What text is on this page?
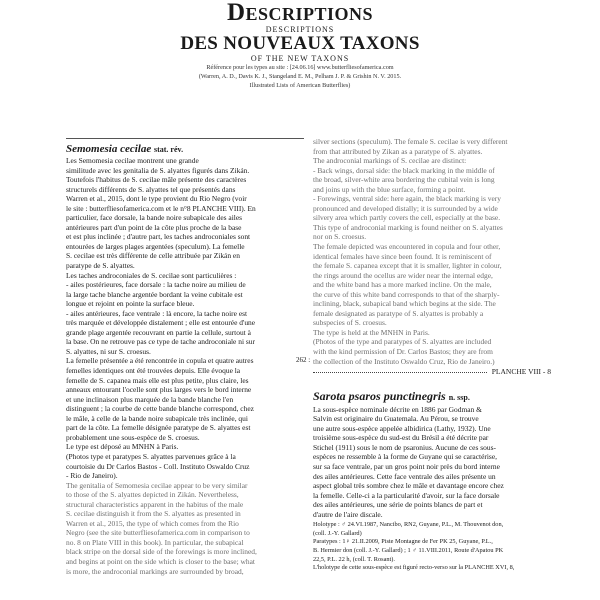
Descriptions
DESCRIPTIONS
DES NOUVEAUX TAXONS
OF THE NEW TAXONS
Référence pour les types au site : [24.06.16] www.butterfliesofamerica.com
(Warren, A. D., Davis K. J., Stangeland E. M., Pelham J. P. & Grishin N. V. 2015.
Illustrated Lists of American Butterflies)
Semomesia cecilae stat. rév.
Les Semomesia cecilae montrent une grande
similitude avec les genitalia de S. alyattes figurés dans Zikán.
Toutefois l'habitus de S. cecilae mâle présente des caractères
structurels différents de S. alyattes tel que présentés dans
Warren et al., 2015, dont le type provient du Rio Negro (voir
le site : butterfliesofamerica.com et le n°8 PLANCHE VIII). En
particulier, face dorsale, la bande noire subapicale des ailes
antérieures part d'un point de la côte plus proche de la base
et est plus inclinée ; d'autre part, les taches androconiales sont
entourées de larges plages argentées (speculum). La femelle
S. cecilae est très différente de celle attribuée par Zikán en
paratype de S. alyattes.
Les taches androconiales de S. cecilae sont particulières :
- ailes postérieures, face dorsale : la tache noire au milieu de
la large tache blanche argentée bordant la veine cubitale est
longue et rejoint en pointe la surface bleue.
- ailes antérieures, face ventrale : là encore, la tache noire est
très marquée et développée distalement ; elle est entourée d'une
grande plage argentée recouvrant en partie la cellule, surtout à
la base. On ne retrouve pas ce type de tache androconiale ni sur
S. alyattes, ni sur S. croesus.
La femelle présentée a été rencontrée in copula et quatre autres
femelles identiques ont été trouvées depuis. Elle évoque la
femelle de S. capanea mais elle est plus petite, plus claire, les
anneaux entourant l'ocelle sont plus larges vers le bord interne
et une inclinaison plus marquée de la bande blanche l'en
distinguent ; la courbe de cette bande blanche correspond, chez
le mâle, à celle de la bande noire subapicale très inclinée, qui
part de la côte. La femelle désignée paratype de S. alyattes est
probablement une sous-espèce de S. croesus.
Le type est déposé au MNHN à Paris.
(Photos type et paratypes S. alyattes parvenues grâce à la
courtoisie du Dr Carlos Bastos - Coll. Instituto Oswaldo Cruz
- Rio de Janeiro).
The genitalia of Semomesia cecilae appear to be very similar
to those of the S. alyattes depicted in Zikán. Nevertheless,
structural characteristics apparent in the habitus of the male
S. cecilae distinguish it from the S. alyattes as presented in
Warren et al., 2015, the type of which comes from the Rio
Negro (see the site butterfliesofamerica.com in comparison to
no. 8 on Plate VIII in this book). In particular, the subapical
black stripe on the dorsal side of the forewings is more inclined,
and begins at point on the side which is closer to the base; what
is more, the androconial markings are surrounded by broad,
silver sections (speculum). The female S. cecilae is very different
from that attributed by Zikan as a paratype of S. alyattes.
The androconial markings of S. cecilae are distinct:
- Back wings, dorsal side: the black marking in the middle of
the broad, silver-white area bordering the cubital vein is long
and joins up with the blue surface, forming a point.
- Forewings, ventral side: here again, the black marking is very
pronounced and developed distally; it is surrounded by a wide
silvery area which partly covers the cell, especially at the base.
This type of androconial marking is found neither on S. alyattes
nor on S. croesus.
The female depicted was encountered in copula and four other,
identical females have since been found. It is reminiscent of
the female S. capanea except that it is smaller, lighter in colour,
the rings around the ocellus are wider near the internal edge,
and the white band has a more marked incline. On the male,
the curve of this white band corresponds to that of the sharply-
inclining, black, subapical band which begins at the side. The
female designated as paratype of S. alyattes is probably a
subspecies of S. croesus.
The type is held at the MNHN in Paris.
(Photos of the type and paratypes of S. alyattes are included
with the kind permission of Dr. Carlos Bastos; they are from
the collection of the Instituto Oswaldo Cruz, Rio de Janeiro.)
PLANCHE VIII - 8
Sarota psaros punctinegris n. ssp.
La sous-espèce nominale décrite en 1886 par Godman &
Salvin est originaire du Guatemala. Au Pérou, se trouve
une autre sous-espèce appelée albidirica (Lathy, 1932). Une
troisième sous-espèce du sud-est du Brésil a été décrite par
Stichel (1911) sous le nom de psaronius. Aucune de ces sous-
espèces ne ressemble à la forme de Guyane qui se caractérise,
sur sa face ventrale, par un gros point noir près du bord interne
des ailes antérieures. Cette face ventrale des ailes présente un
aspect global très sombre chez le mâle et davantage encore chez
la femelle. Celle-ci a la particularité d'avoir, sur la face dorsale
des ailes antérieures, une série de points blancs de part et
d'autre de l'aire discale.
Holotype : ♂ 24.VI.1987, Nancibo, RN2, Guyane, P.L., M. Thouvenot don,
(coll. J.-Y. Gallard)
Paratypes : 1♀ 21.II.2009, Piste Montagne de Fer PK 25, Guyane, P.L.,
B. Hermier don (coll. J.-Y. Gallard) ; 1 ♂ 11.VIII.2011, Route d'Apatou PK
22,5, P.L. 22 h, (coll. T. Rosant).
L'holotype de cette sous-espèce est figuré recto-verso sur la PLANCHE XVI, 8,
262 :
